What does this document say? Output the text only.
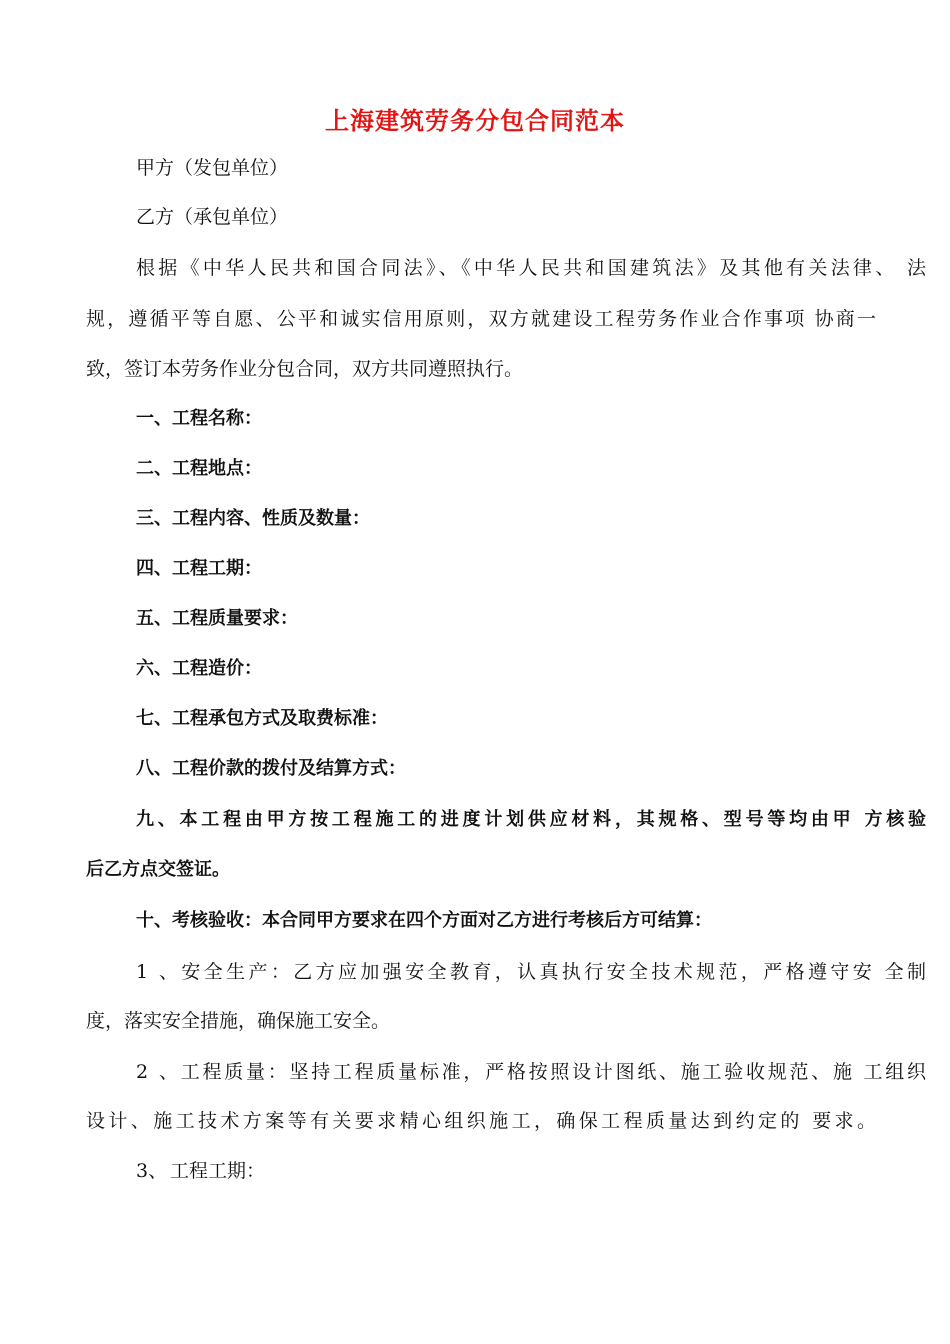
上海建筑劳务分包合同范本

甲方（发包单位）

乙方（承包单位）

根据《中华人民共和国合同法》、《中华人民共和国建筑法》及其他有关法律、 法

规，遵循平等自愿、公平和诚实信用原则，双方就建设工程劳务作业合作事项 协商一

致，签订本劳务作业分包合同，双方共同遵照执行。

一、工程名称：

二、工程地点：

三、工程内容、性质及数量：

四、工程工期：

五、工程质量要求：

六、工程造价：

七、工程承包方式及取费标准：

八、工程价款的拨付及结算方式：

九、本工程由甲方按工程施工的进度计划供应材料，其规格、型号等均由甲 方核验

后乙方点交签证。

十、考核验收：本合同甲方要求在四个方面对乙方进行考核后方可结算：

1、安全生产：乙方应加强安全教育，认真执行安全技术规范，严格遵守安 全制

度，落实安全措施，确保施工安全。

2、工程质量：坚持工程质量标准，严格按照设计图纸、施工验收规范、施 工组织

设计、施工技术方案等有关要求精心组织施工，确保工程质量达到约定的 要求。

3、 工程工期：
